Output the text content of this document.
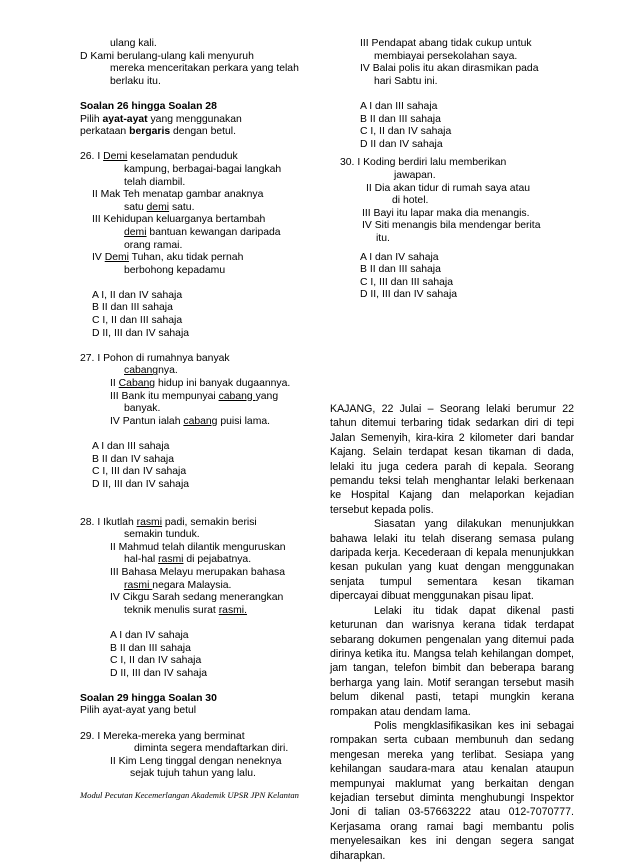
ulang kali.
D Kami berulang-ulang kali menyuruh
mereka menceritakan perkara yang telah
berlaku itu.
Soalan 26 hingga Soalan 28
Pilih ayat-ayat yang menggunakan
perkataan bergaris dengan betul.
26. I Demi keselamatan penduduk
kampung, berbagai-bagai langkah
telah diambil.
II Mak Teh menatap gambar anaknya
satu demi satu.
III Kehidupan keluarganya bertambah
demi bantuan kewangan daripada
orang ramai.
IV Demi Tuhan, aku tidak pernah
berbohong kepadamu
A I, II dan IV sahaja
B II dan III sahaja
C I, II dan III sahaja
D II, III dan IV sahaja
27. I Pohon di rumahnya banyak
cabangnya.
II Cabang hidup ini banyak dugaannya.
III Bank itu mempunyai cabang yang
banyak.
IV Pantun ialah cabang puisi lama.
A I dan III sahaja
B II dan IV sahaja
C I, III dan IV sahaja
D II, III dan IV sahaja
28. I Ikutlah rasmi padi, semakin berisi
semakin tunduk.
II Mahmud telah dilantik menguruskan
hal-hal rasmi di pejabatnya.
III Bahasa Melayu merupakan bahasa
rasmi negara Malaysia.
IV Cikgu Sarah sedang menerangkan
teknik menulis surat rasmi.
A I dan IV sahaja
B II dan III sahaja
C I, II dan IV sahaja
D II, III dan IV sahaja
Soalan 29 hingga Soalan 30
Pilih ayat-ayat yang betul
29. I Mereka-mereka yang berminat
diminta segera mendaftarkan diri.
II Kim Leng tinggal dengan neneknya
sejak tujuh tahun yang lalu.
III Pendapat abang tidak cukup untuk
membiayai persekolahan saya.
IV Balai polis itu akan dirasmikan pada
hari Sabtu ini.
A I dan III sahaja
B II dan III sahaja
C I, II dan IV sahaja
D II dan IV sahaja
30. I Koding berdiri lalu memberikan
jawapan.
II Dia akan tidur di rumah saya atau
di hotel.
III Bayi itu lapar maka dia menangis.
IV Siti menangis bila mendengar berita
itu.
A I dan IV sahaja
B II dan III sahaja
C I, III dan III sahaja
D II, III dan IV sahaja

KAJANG, 22 Julai – Seorang lelaki berumur 22 tahun ditemui terbaring tidak sedarkan diri di tepi Jalan Semenyih, kira-kira 2 kilometer dari bandar Kajang. Selain terdapat kesan tikaman di dada, lelaki itu juga cedera parah di kepala. Seorang pemandu teksi telah menghantar lelaki berkenaan ke Hospital Kajang dan melaporkan kejadian tersebut kepada polis.

Siasatan yang dilakukan menunjukkan bahawa lelaki itu telah diserang semasa pulang daripada kerja. Kecederaan di kepala menunjukkan kesan pukulan yang kuat dengan menggunakan senjata tumpul sementara kesan tikaman dipercayai dibuat menggunakan pisau lipat.

Lelaki itu tidak dapat dikenal pasti keturunan dan warisnya kerana tidak terdapat sebarang dokumen pengenalan yang ditemui pada dirinya ketika itu. Mangsa telah kehilangan dompet, jam tangan, telefon bimbit dan beberapa barang berharga yang lain. Motif serangan tersebut masih belum dikenal pasti, tetapi mungkin kerana rompakan atau dendam lama.

Polis mengklasifikasikan kes ini sebagai rompakan serta cubaan membunuh dan sedang mengesan mereka yang terlibat. Sesiapa yang kehilangan saudara-mara atau kenalan ataupun mempunyai maklumat yang berkaitan dengan kejadian tersebut diminta menghubungi Inspektor Joni di talian 03-57663222 atau 012-7070777. Kerjasama orang ramai bagi membantu polis menyelesaikan kes ini dengan segera sangat diharapkan.

Modul Pecutan Kecemerlangan Akademik UPSR JPN Kelantan
